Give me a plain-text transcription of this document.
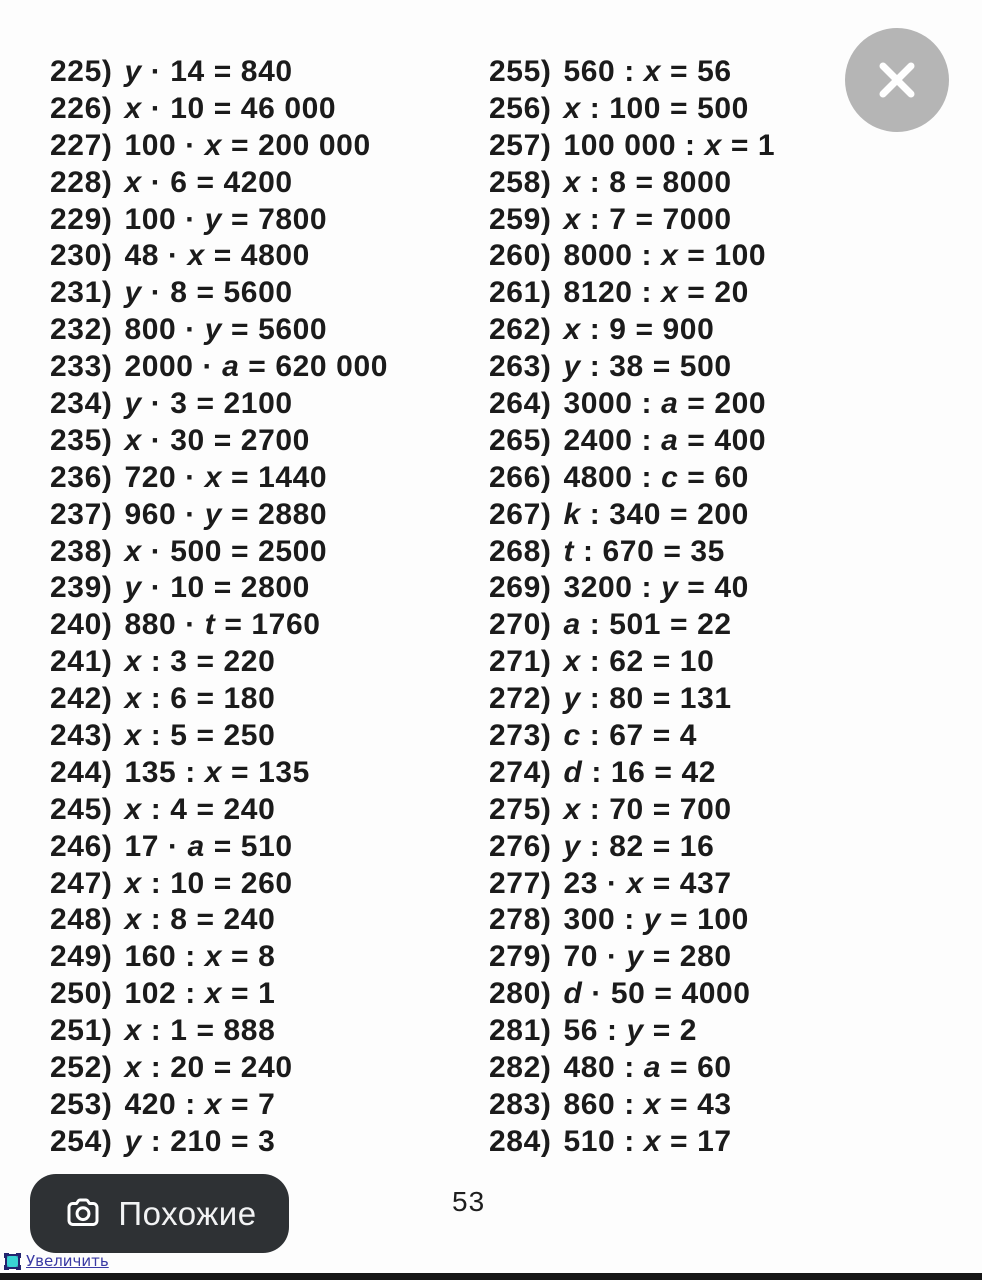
225) y · 14 = 840
226) x · 10 = 46 000
227) 100 · x = 200 000
228) x · 6 = 4200
229) 100 · y = 7800
230) 48 · x = 4800
231) y · 8 = 5600
232) 800 · y = 5600
233) 2000 · a = 620 000
234) y · 3 = 2100
235) x · 30 = 2700
236) 720 · x = 1440
237) 960 · y = 2880
238) x · 500 = 2500
239) y · 10 = 2800
240) 880 · t = 1760
241) x : 3 = 220
242) x : 6 = 180
243) x : 5 = 250
244) 135 : x = 135
245) x : 4 = 240
246) 17 · a = 510
247) x : 10 = 260
248) x : 8 = 240
249) 160 : x = 8
250) 102 : x = 1
251) x : 1 = 888
252) x : 20 = 240
253) 420 : x = 7
254) y : 210 = 3
255) 560 : x = 56
256) x : 100 = 500
257) 100 000 : x = 1
258) x : 8 = 8000
259) x : 7 = 7000
260) 8000 : x = 100
261) 8120 : x = 20
262) x : 9 = 900
263) y : 38 = 500
264) 3000 : a = 200
265) 2400 : a = 400
266) 4800 : c = 60
267) k : 340 = 200
268) t : 670 = 35
269) 3200 : y = 40
270) a : 501 = 22
271) x : 62 = 10
272) y : 80 = 131
273) c : 67 = 4
274) d : 16 = 42
275) x : 70 = 700
276) y : 82 = 16
277) 23 · x = 437
278) 300 : y = 100
279) 70 · y = 280
280) d · 50 = 4000
281) 56 : y = 2
282) 480 : a = 60
283) 860 : x = 43
284) 510 : x = 17
53
Похожие
Увеличить
